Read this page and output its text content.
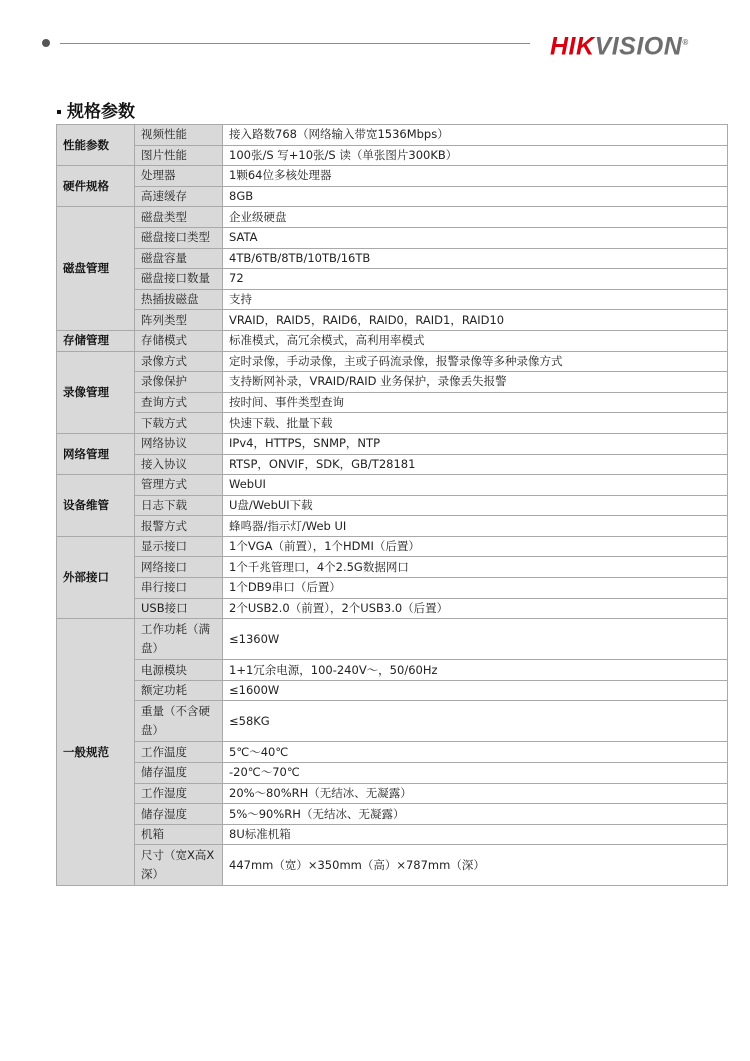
HIKVISION®
规格参数
性能参数	视频性能	接入路数768（网络输入带宽1536Mbps）
	图片性能	100张/S 写+10张/S 读（单张图片300KB）
硬件规格	处理器	1颗64位多核处理器
	高速缓存	8GB
磁盘管理	磁盘类型	企业级硬盘
	磁盘接口类型	SATA
	磁盘容量	4TB/6TB/8TB/10TB/16TB
	磁盘接口数量	72
	热插拔磁盘	支持
	阵列类型	VRAID，RAID5，RAID6，RAID0，RAID1，RAID10
存储管理	存储模式	标准模式，高冗余模式，高利用率模式
录像管理	录像方式	定时录像，手动录像，主或子码流录像，报警录像等多种录像方式
	录像保护	支持断网补录，VRAID/RAID 业务保护，录像丢失报警
	查询方式	按时间、事件类型查询
	下载方式	快速下载、批量下载
网络管理	网络协议	IPv4，HTTPS，SNMP，NTP
	接入协议	RTSP，ONVIF，SDK，GB/T28181
设备维管	管理方式	WebUI
	日志下载	U盘/WebUI下载
	报警方式	蜂鸣器/指示灯/Web UI
外部接口	显示接口	1个VGA（前置），1个HDMI（后置）
	网络接口	1个千兆管理口，4个2.5G数据网口
	串行接口	1个DB9串口（后置）
	USB接口	2个USB2.0（前置），2个USB3.0（后置）
一般规范	工作功耗（满盘）	≤1360W
	电源模块	1+1冗余电源，100-240V～，50/60Hz
	额定功耗	≤1600W
	重量（不含硬盘）	≤58KG
	工作温度	5℃～40℃
	储存温度	-20℃～70℃
	工作湿度	20%～80%RH（无结冰、无凝露）
	储存湿度	5%～90%RH（无结冰、无凝露）
	机箱	8U标准机箱
	尺寸（宽X高X深）	447mm（宽）×350mm（高）×787mm（深）
